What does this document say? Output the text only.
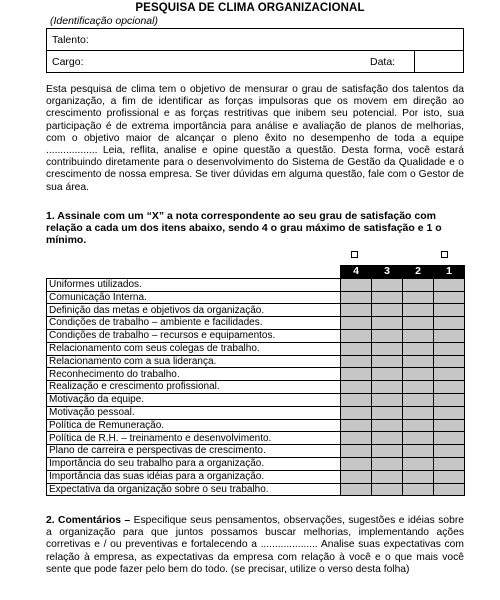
PESQUISA DE CLIMA ORGANIZACIONAL
(Identificação opcional)
Talento:
Cargo:	Data:
Esta pesquisa de clima tem o objetivo de mensurar o grau de satisfação dos talentos da organização, a fim de identificar as forças impulsoras que os movem em direção ao crescimento profissional e as forças restritivas que inibem seu potencial. Por isto, sua participação é de extrema importância para análise e avaliação de planos de melhorias, com o objetivo maior de alcançar o pleno êxito no desempenho de toda a equipe .................. Leia, reflita, analise e opine questão a questão. Desta forma, você estará contribuindo diretamente para o desenvolvimento do Sistema de Gestão da Qualidade e o crescimento de nossa empresa. Se tiver dúvidas em alguma questão, fale com o Gestor de sua área.
1. Assinale com um “X” a nota correspondente ao seu grau de satisfação com relação a cada um dos itens abaixo, sendo 4 o grau máximo de satisfação e 1 o mínimo.
	4	3	2	1
Uniformes utilizados.				
Comunicação Interna.				
Definição das metas e objetivos da organização.				
Condições de trabalho – ambiente e facilidades.				
Condições de trabalho – recursos e equipamentos.				
Relacionamento com seus colegas de trabalho.				
Relacionamento com a sua liderança.				
Reconhecimento do trabalho.				
Realização e crescimento profissional.				
Motivação da equipe.				
Motivação pessoal.				
Política de Remuneração.				
Política de R.H. – treinamento e desenvolvimento.				
Plano de carreira e perspectivas de crescimento.				
Importância do seu trabalho para a organização.				
Importância das suas idéias para a organização.				
Expectativa da organização sobre o seu trabalho.				
2. Comentários – Especifique seus pensamentos, observações, sugestões e idéias sobre a organização para que juntos possamos buscar melhorias, implementando ações corretivas e / ou preventivas e fortalecendo a .................... Analise suas expectativas com relação à empresa, as expectativas da empresa com relação à você e o que mais você sente que pode fazer pelo bem do todo. (se precisar, utilize o verso desta folha)
